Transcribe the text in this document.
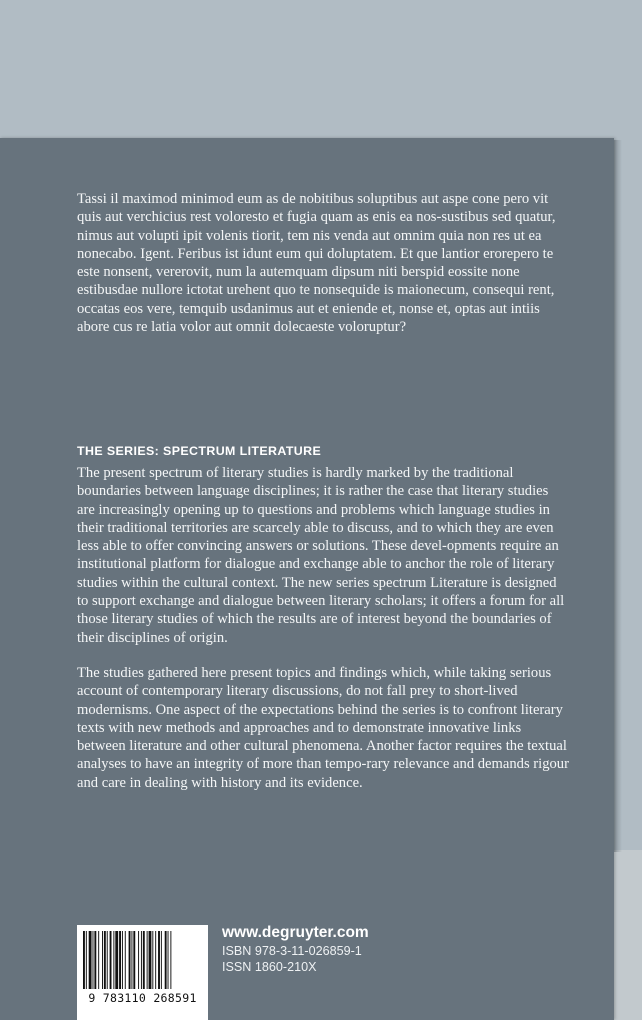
Tassi il maximod minimod eum as de nobitibus soluptibus aut aspe cone pero vit quis aut verchicius rest voloresto et fugia quam as enis ea nos-sustibus sed quatur, nimus aut volupti ipit volenis tiorit, tem nis venda aut omnim quia non res ut ea nonecabo. Igent. Feribus ist idunt eum qui doluptatem. Et que lantior erorepero te este nonsent, vererovit, num la autemquam dipsum niti berspid eossite none estibusdae nullore ictotat urehent quo te nonsequide is maionecum, consequi rent, occatas eos vere, temquib usdanimus aut et eniende et, nonse et, optas aut intiis abore cus re latia volor aut omnit dolecaeste voloruptur?

THE SERIES: SPECTRUM LITERATURE

The present spectrum of literary studies is hardly marked by the traditional boundaries between language disciplines; it is rather the case that literary studies are increasingly opening up to questions and problems which language studies in their traditional territories are scarcely able to discuss, and to which they are even less able to offer convincing answers or solutions. These devel-opments require an institutional platform for dialogue and exchange able to anchor the role of literary studies within the cultural context. The new series spectrum Literature is designed to support exchange and dialogue between literary scholars; it offers a forum for all those literary studies of which the results are of interest beyond the boundaries of their disciplines of origin.

The studies gathered here present topics and findings which, while taking serious account of contemporary literary discussions, do not fall prey to short-lived modernisms. One aspect of the expectations behind the series is to confront literary texts with new methods and approaches and to demonstrate innovative links between literature and other cultural phenomena. Another factor requires the textual analyses to have an integrity of more than tempo-rary relevance and demands rigour and care in dealing with history and its evidence.

9 783110 268591
www.degruyter.com
ISBN 978-3-11-026859-1
ISSN 1860-210X
